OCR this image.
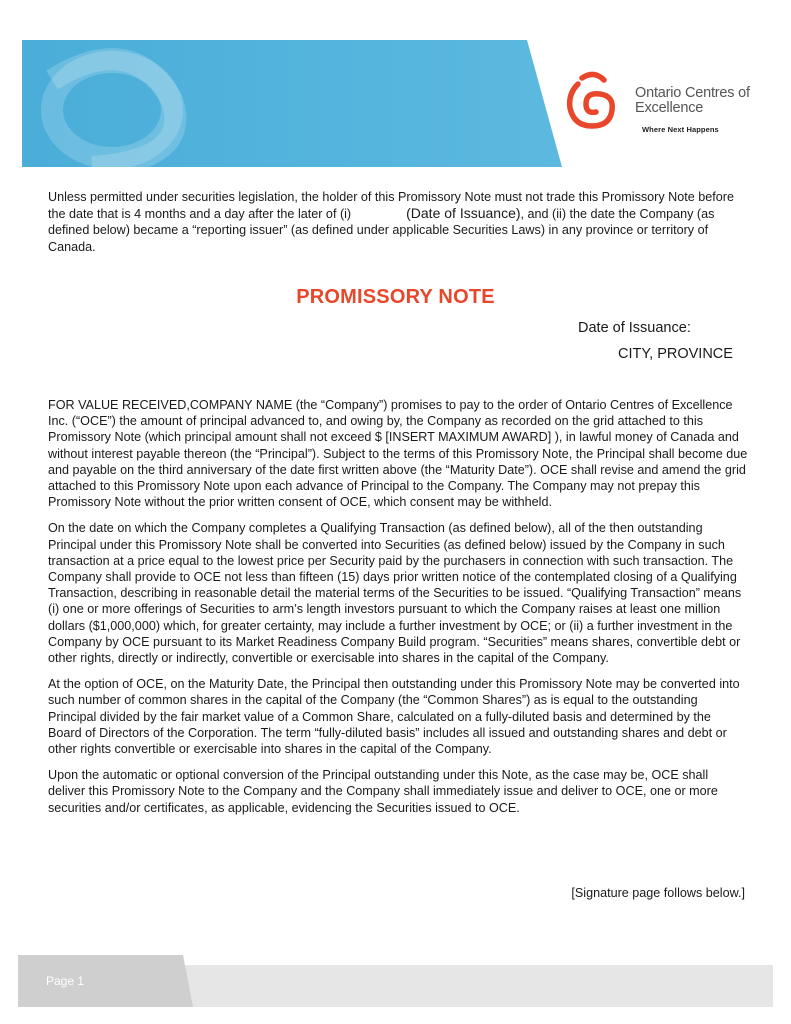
Ontario Centres of Excellence
Where Next Happens
Unless permitted under securities legislation, the holder of this Promissory Note must not trade this Promissory Note before the date that is 4 months and a day after the later of (i)	(Date of Issuance), and (ii) the date the Company (as defined below) became a “reporting issuer” (as defined under applicable Securities Laws) in any province or territory of Canada.
PROMISSORY NOTE
Date of Issuance:
CITY, PROVINCE

FOR VALUE RECEIVED,COMPANY NAME (the “Company”) promises to pay to the order of Ontario Centres of Excellence Inc. (“OCE”) the amount of principal advanced to, and owing by, the Company as recorded on the grid attached to this Promissory Note (which principal amount shall not exceed $ [INSERT MAXIMUM AWARD] ), in lawful money of Canada and without interest payable thereon (the “Principal”). Subject to the terms of this Promissory Note, the Principal shall become due and payable on the third anniversary of the date first written above (the “Maturity Date”). OCE shall revise and amend the grid attached to this Promissory Note upon each advance of Principal to the Company. The Company may not prepay this Promissory Note without the prior written consent of OCE, which consent may be withheld.

On the date on which the Company completes a Qualifying Transaction (as defined below), all of the then outstanding Principal under this Promissory Note shall be converted into Securities (as defined below) issued by the Company in such transaction at a price equal to the lowest price per Security paid by the purchasers in connection with such transaction. The Company shall provide to OCE not less than fifteen (15) days prior written notice of the contemplated closing of a Qualifying Transaction, describing in reasonable detail the material terms of the Securities to be issued. “Qualifying Transaction” means (i) one or more offerings of Securities to arm’s length investors pursuant to which the Company raises at least one million dollars ($1,000,000) which, for greater certainty, may include a further investment by OCE; or (ii) a further investment in the Company by OCE pursuant to its Market Readiness Company Build program. “Securities” means shares, convertible debt or other rights, directly or indirectly, convertible or exercisable into shares in the capital of the Company.

At the option of OCE, on the Maturity Date, the Principal then outstanding under this Promissory Note may be converted into such number of common shares in the capital of the Company (the “Common Shares”) as is equal to the outstanding Principal divided by the fair market value of a Common Share, calculated on a fully-diluted basis and determined by the Board of Directors of the Corporation. The term “fully-diluted basis” includes all issued and outstanding shares and debt or other rights convertible or exercisable into shares in the capital of the Company.

Upon the automatic or optional conversion of the Principal outstanding under this Note, as the case may be, OCE shall deliver this Promissory Note to the Company and the Company shall immediately issue and deliver to OCE, one or more securities and/or certificates, as applicable, evidencing the Securities issued to OCE.

[Signature page follows below.]
Page 1
